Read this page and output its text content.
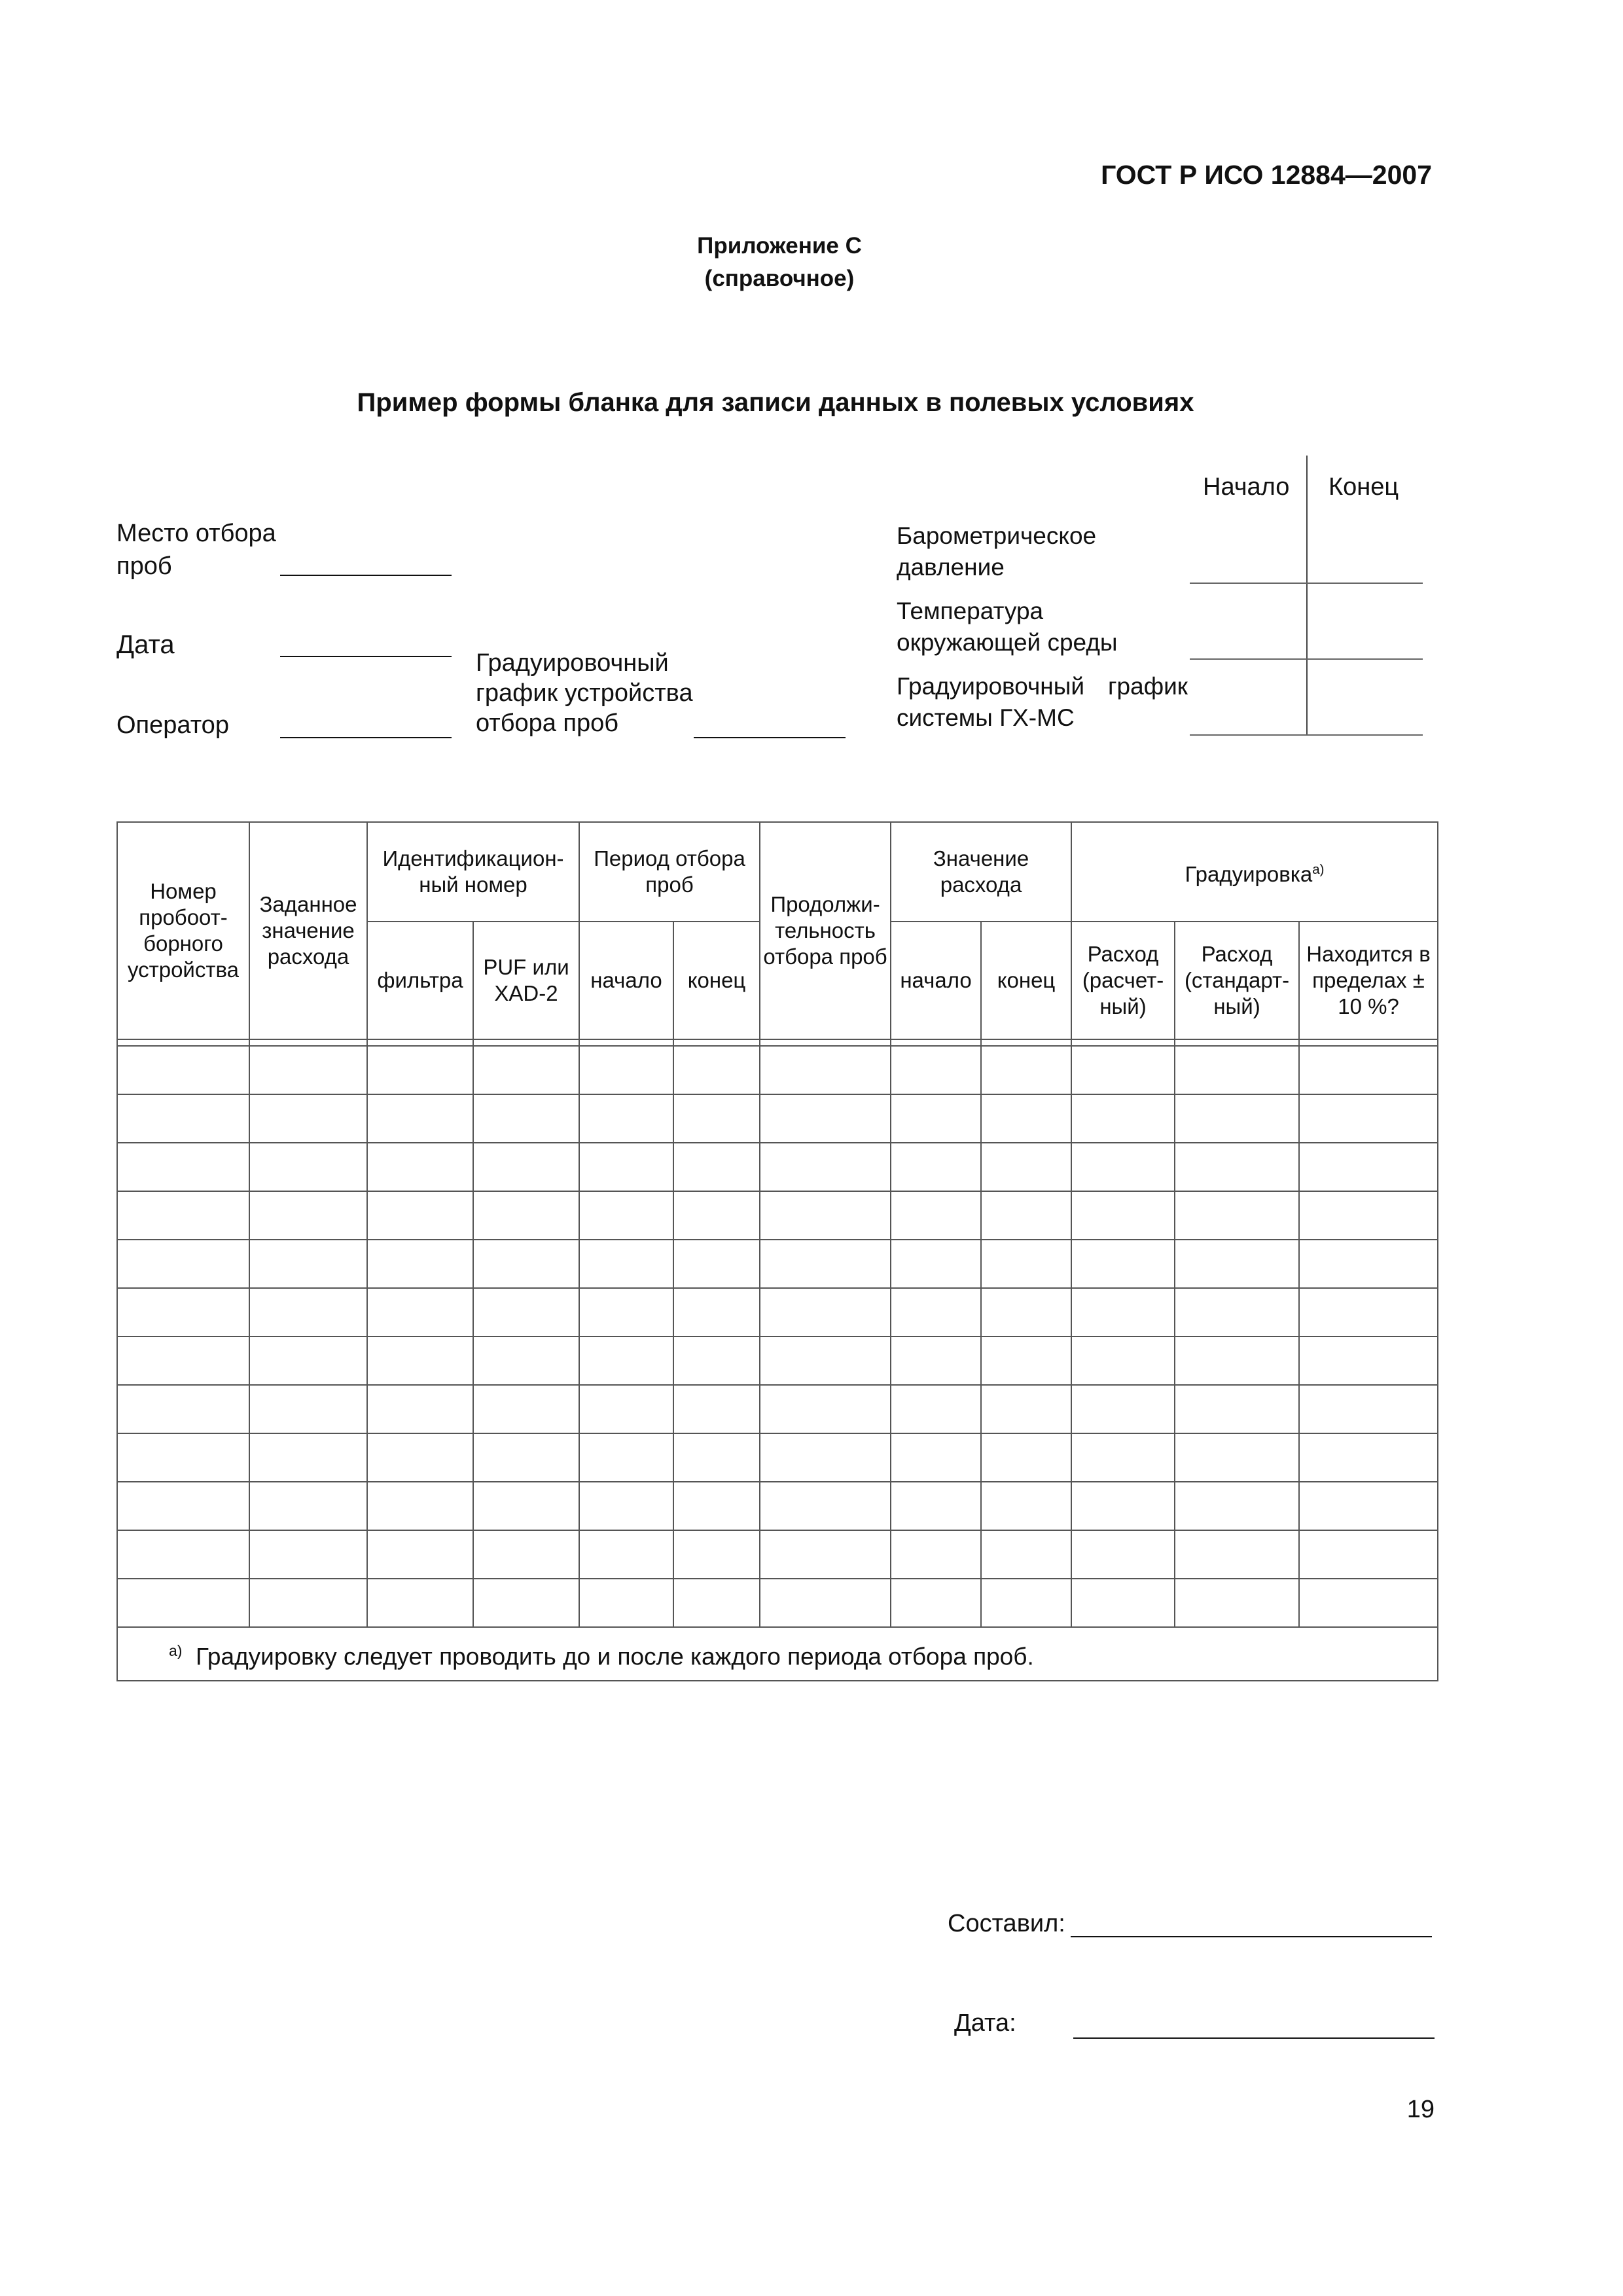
ГОСТ Р ИСО 12884—2007
Приложение С
(справочное)
Пример формы бланка для записи данных в полевых условиях
Место отбора
проб
Дата
Оператор
Градуировочный
график устройства
отбора проб
Начало Конец
Барометрическое давление
Температура окружающей среды
Градуировочный график системы ГХ-МС
Номер пробоот-борного устройства	Заданное значение расхода	Идентификацион-ный номер		Период отбора проб		Продолжи-тельность отбора проб	Значение расхода		Градуировка$^{а)}$
		фильтра	PUF или XAD-2	начало	конец		начало	конец	Расход (расчет-ный)	Расход (стандарт-ный)	Находится в пределах ± 10 %?

$^{а)}$ Градуировку следует проводить до и после каждого периода отбора проб.											
Составил:
Дата:
19
